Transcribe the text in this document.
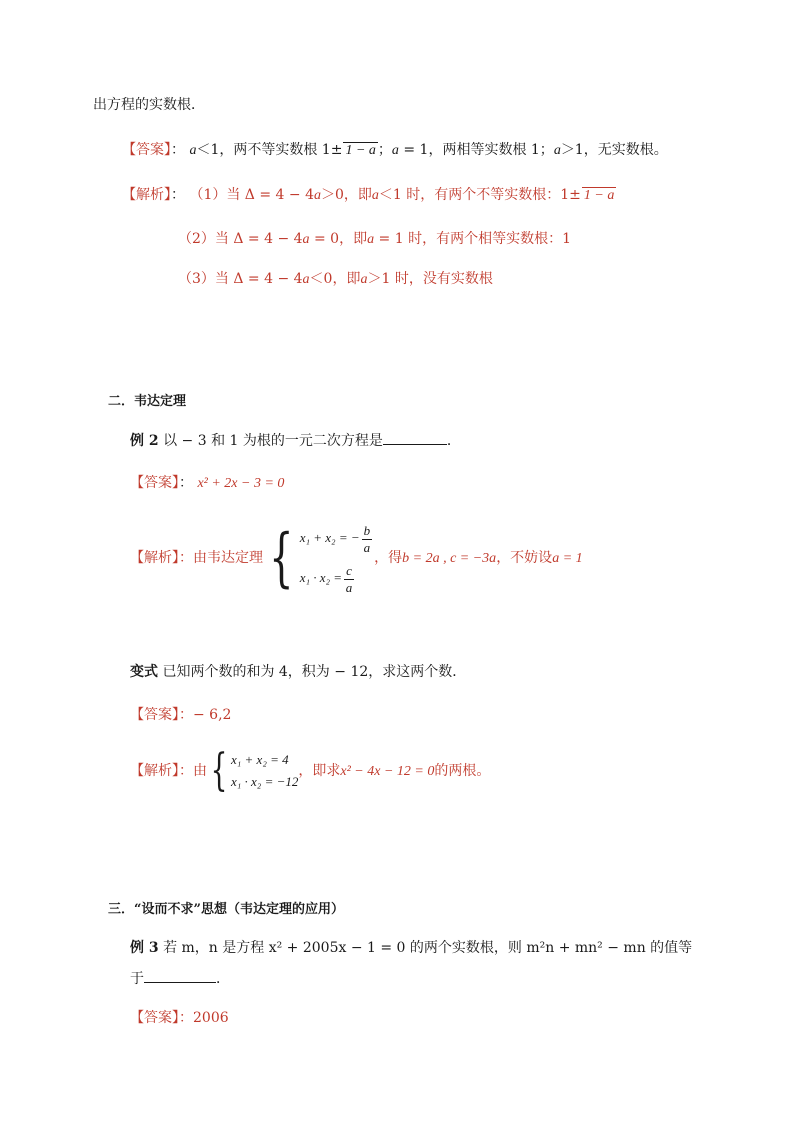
出方程的实数根．
【答案】： a＜1，两不等实数根 1± 1 − a ；a = 1，两相等实数根 1；a＞1，无实数根。
【解析】： （1）当 Δ = 4 − 4a＞0，即a＜1 时，有两个不等实数根：1± 1 − a
（2）当 Δ = 4 − 4a = 0，即a = 1 时，有两个相等实数根：1
（3）当 Δ = 4 − 4a＜0，即a＞1 时，没有实数根
二．韦达定理
例 2 以 − 3 和 1 为根的一元二次方程是	．
【答案】： x² + 2x − 3 = 0
【解析】：由韦达定理 { x₁ + x₂ = − $\frac{b}{a}$
$x_1 \cdot x_2 = \frac{c}{a}$
，得b = 2a , c = −3a，不妨设a = 1
变式 已知两个数的和为 4，积为 − 12，求这两个数．
【答案】：− 6,2
【解析】：由 { x₁ + x₂ = 4
x₁ · x₂ = −12
，即求x² − 4x − 12 = 0的两根。
三．“设而不求”思想（韦达定理的应用）
例 3 若 m，n 是方程 x² + 2005x − 1 = 0 的两个实数根，则 m²n + mn² − mn 的值等
于	．
【答案】：2006
